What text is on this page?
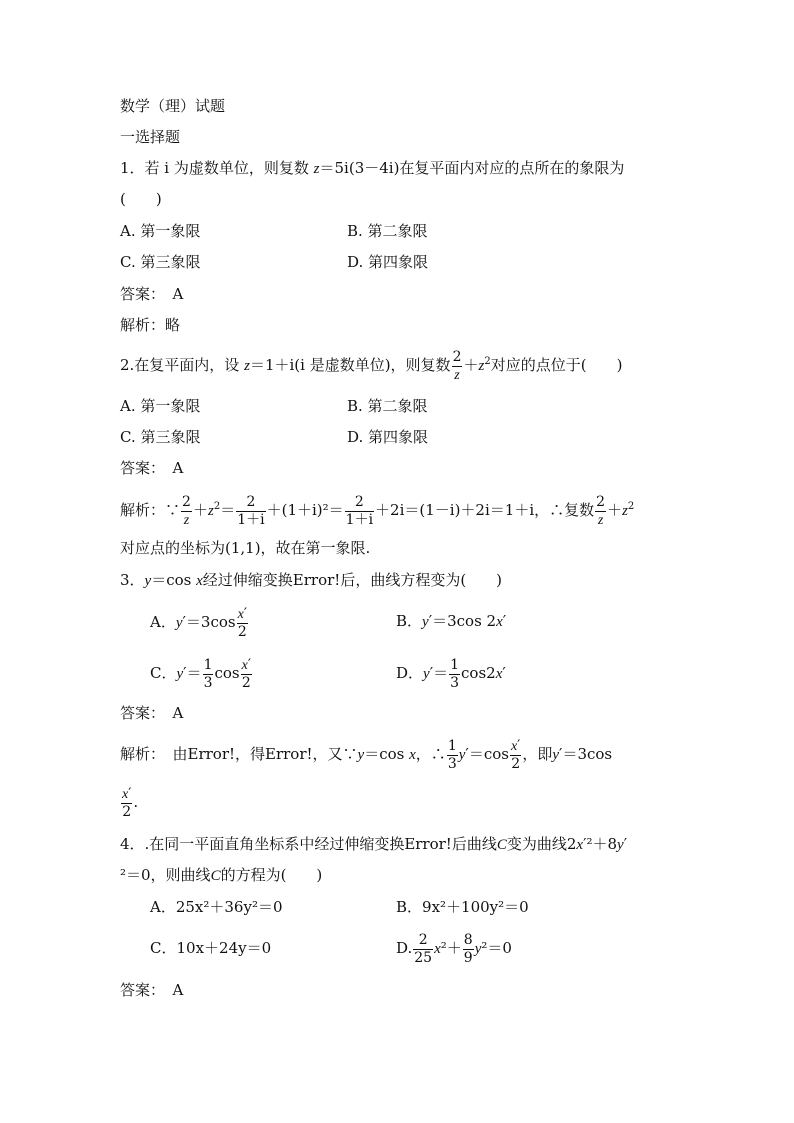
数学（理）试题
一选择题
1．若 i 为虚数单位，则复数 z＝5i(3－4i)在复平面内对应的点所在的象限为
(　　)
A. 第一象限	B. 第二象限
C. 第三象限	D. 第四象限
答案：　A
解析：略
2.在复平面内，设 z＝1＋i(i 是虚数单位)，则复数 $\frac{2}{z} +z^2$对应的点位于(　　)
A. 第一象限	B. 第二象限
C. 第三象限	D. 第四象限
答案：　A
解析：∵ $\frac{2}{z} +z^2= \frac{2}{1+i} +(1+i)^2= \frac{2}{1+i} +2i=(1-i)+2i=1+i$，∴复数 $\frac{2}{z} +z^2$
对应点的坐标为(1,1)，故在第一象限.
3．y＝cos x经过伸缩变换Error!后，曲线方程变为(　　)
A．$y'=3\cos \frac{x'}{2}$	B．y′＝3cos 2x′
C．$y'= \frac{1}{3}$ $\cos \frac{x'}{2}$	D．$y'= \frac{1}{3} \cos 2x'$
答案：　A
解析：　由Error!，得Error!，又∵y＝cos x，∴ $\frac{1}{3} y'=\cos \frac{x'}{2}$ ，即y′＝3cos
$\frac{x'}{2}$ .
4．.在同一平面直角坐标系中经过伸缩变换Error!后曲线C变为曲线2x′²＋8y′
²＝0，则曲线C的方程为(　　)
A．25x²＋36y²＝0	B．9x²＋100y²＝0
C．10x＋24y＝0	D. $\frac{2}{25} x^2+ \frac{8}{9} y^2=0$
答案：　A
